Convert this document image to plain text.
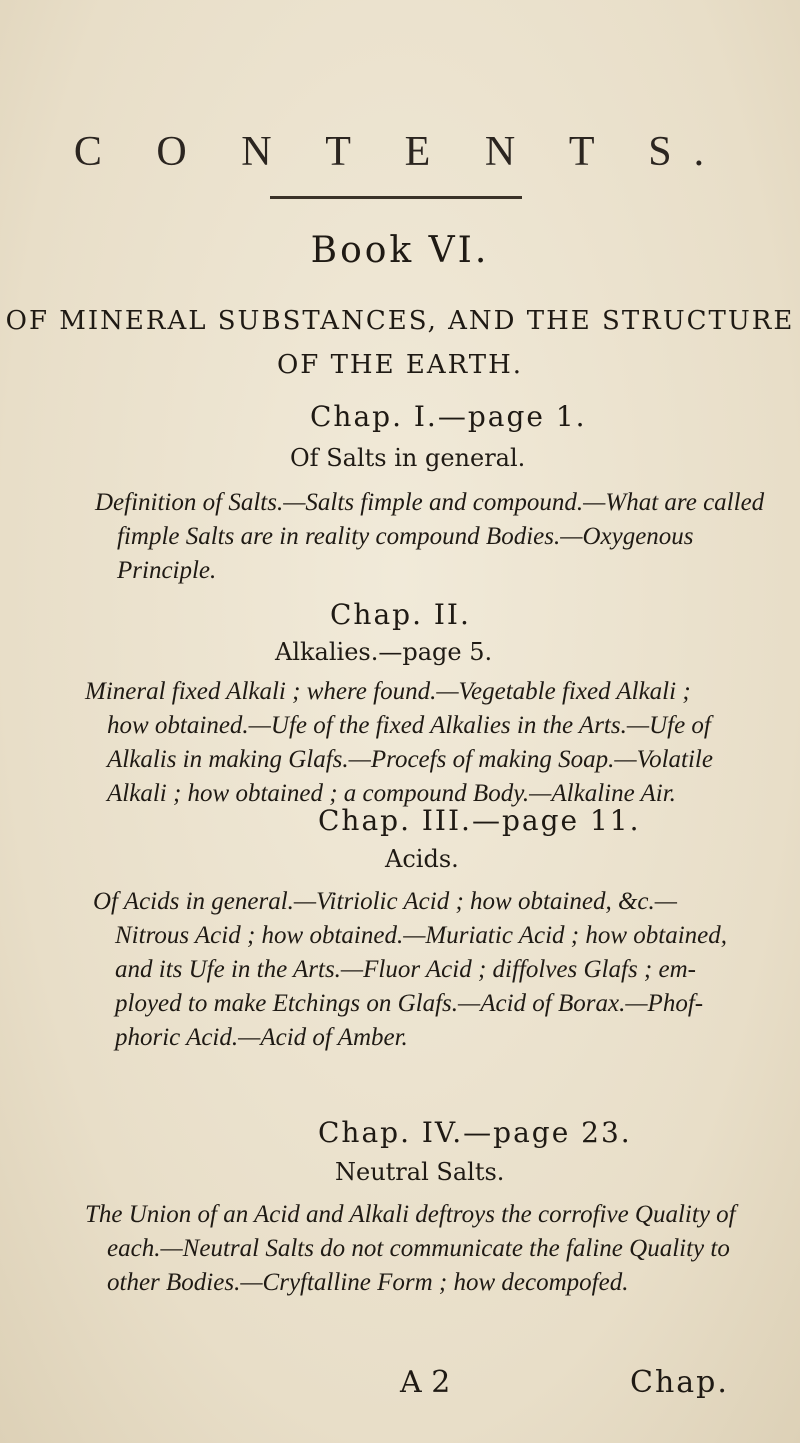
C O N T E N T S.
Book VI.
OF MINERAL SUBSTANCES, AND THE STRUCTURE
OF THE EARTH.
Chap. I.—page 1.
Of Salts in general.
Definition of Salts.—Salts fimple and compound.—What are called
fimple Salts are in reality compound Bodies.—Oxygenous
Principle.
Chap. II.
Alkalies.—page 5.
Mineral fixed Alkali ; where found.—Vegetable fixed Alkali ;
how obtained.—Ufe of the fixed Alkalies in the Arts.—Ufe of
Alkalis in making Glafs.—Procefs of making Soap.—Volatile
Alkali ; how obtained ; a compound Body.—Alkaline Air.
Chap. III.—page 11.
Acids.
Of Acids in general.—Vitriolic Acid ; how obtained, &c.—
Nitrous Acid ; how obtained.—Muriatic Acid ; how obtained,
and its Ufe in the Arts.—Fluor Acid ; diffolves Glafs ; em-
ployed to make Etchings on Glafs.—Acid of Borax.—Phof-
phoric Acid.—Acid of Amber.
A 2	Chap.
Chap. IV.—page 23.
Neutral Salts.
The Union of an Acid and Alkali deftroys the corrofive Quality of
each.—Neutral Salts do not communicate the faline Quality to
other Bodies.—Cryftalline Form ; how decompofed.
